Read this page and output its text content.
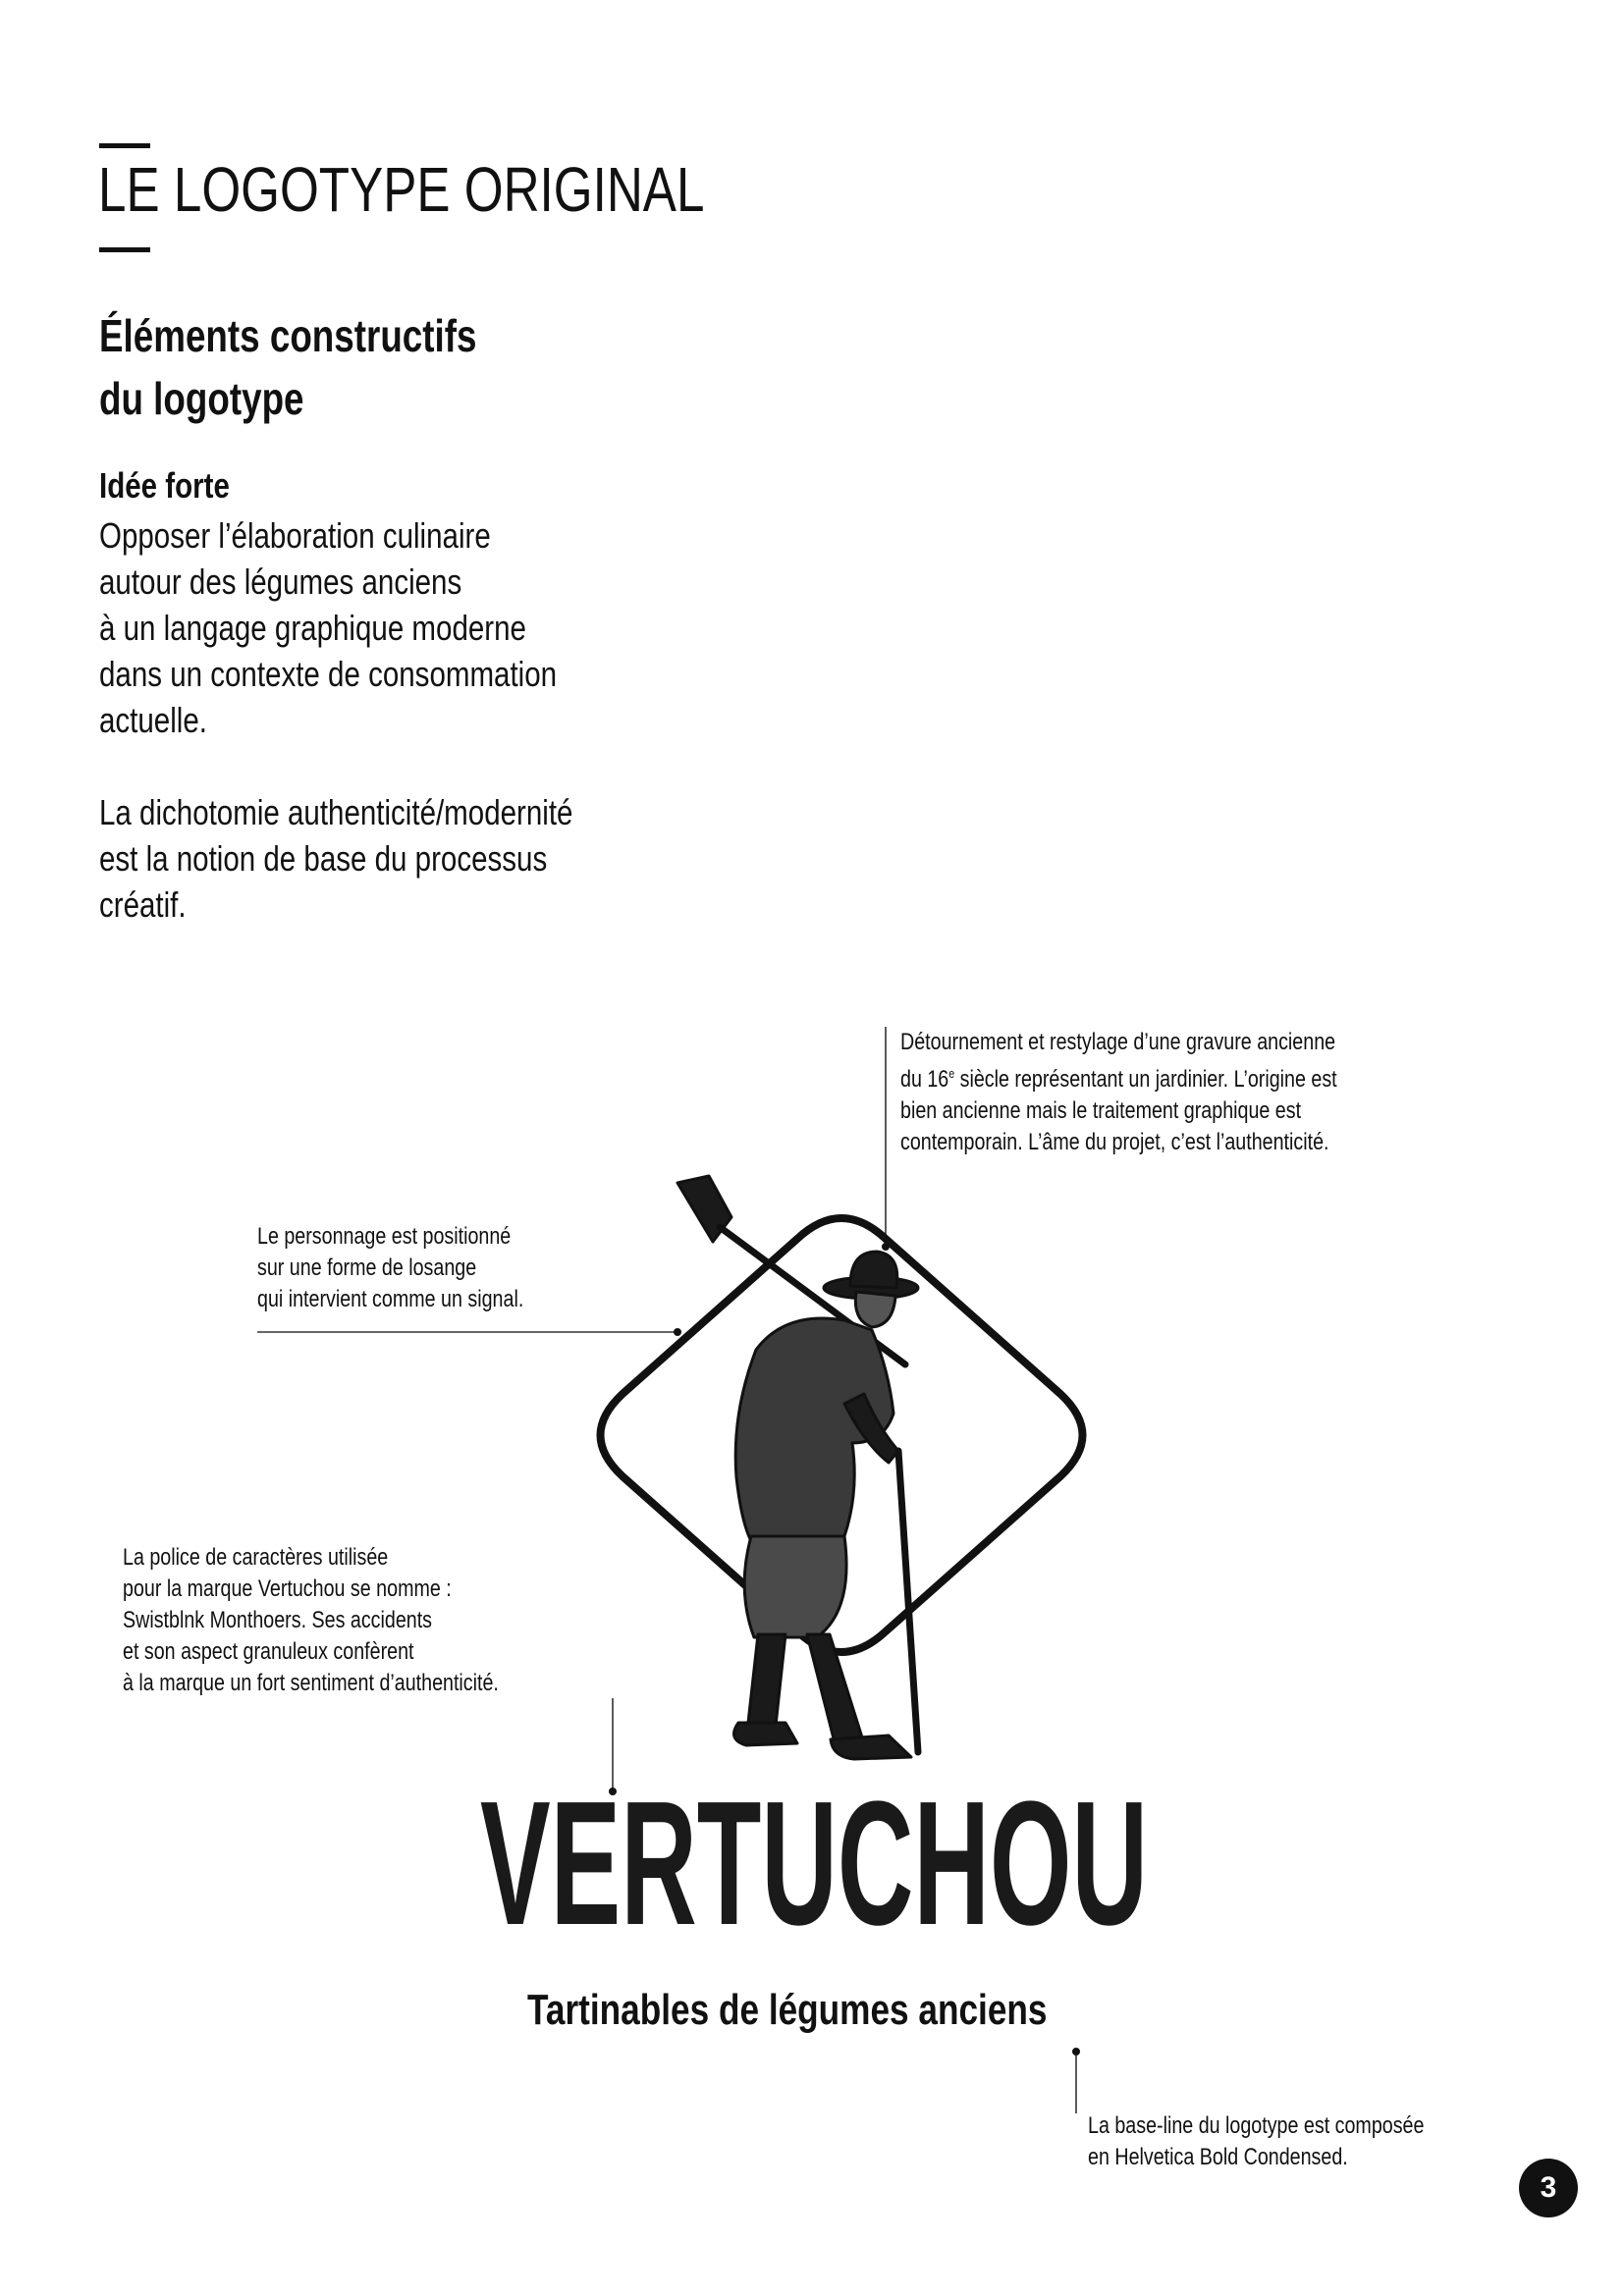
LE LOGOTYPE ORIGINAL
Éléments constructifs
du logotype
Idée forte
Opposer l’élaboration culinaire
autour des légumes anciens
à un langage graphique moderne
dans un contexte de consommation
actuelle.
La dichotomie authenticité/modernité
est la notion de base du processus
créatif.
Détournement et restylage d’une gravure ancienne
du 16e siècle représentant un jardinier. L’origine est
bien ancienne mais le traitement graphique est
contemporain. L’âme du projet, c’est l’authenticité.
Le personnage est positionné
sur une forme de losange
qui intervient comme un signal.
La police de caractères utilisée
pour la marque Vertuchou se nomme :
Swistblnk Monthoers. Ses accidents
et son aspect granuleux confèrent
à la marque un fort sentiment d’authenticité.
La base-line du logotype est composée
en Helvetica Bold Condensed.
VERTUCHOU
Tartinables de légumes anciens
3
